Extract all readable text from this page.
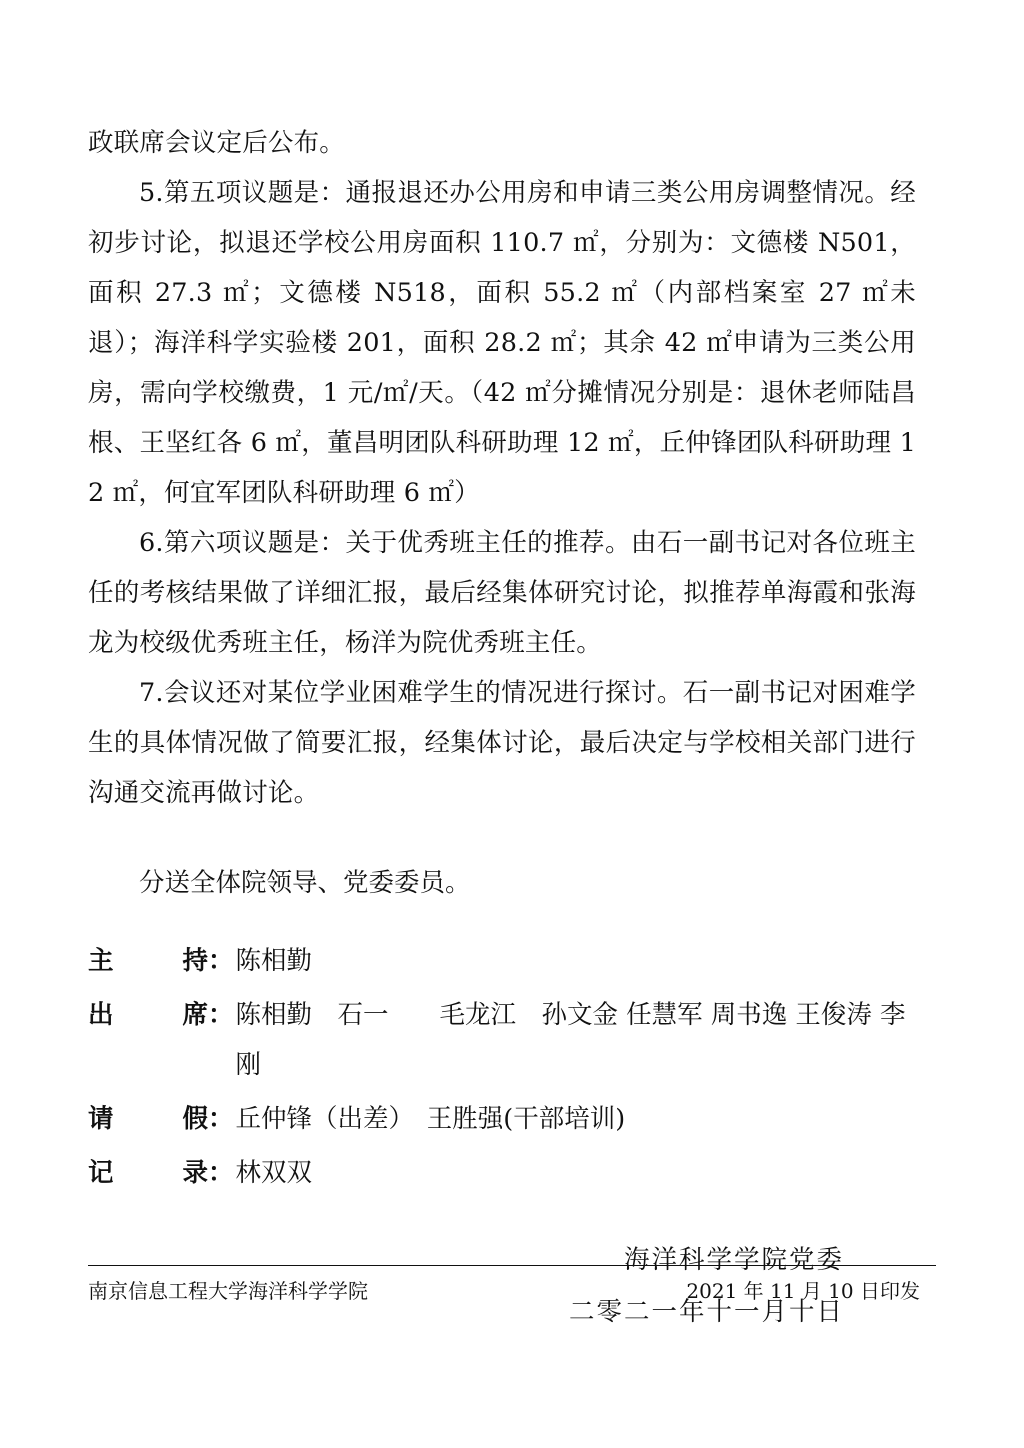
政联席会议定后公布。

5.第五项议题是：通报退还办公用房和申请三类公用房调整情况。经初步讨论，拟退还学校公用房面积 110.7 ㎡，分别为：文德楼 N501，面积 27.3 ㎡；文德楼 N518，面积 55.2 ㎡（内部档案室 27 ㎡未退）；海洋科学实验楼 201，面积 28.2 ㎡；其余 42 ㎡申请为三类公用房，需向学校缴费，1 元/㎡/天。（42 ㎡分摊情况分别是：退休老师陆昌根、王坚红各 6 ㎡，董昌明团队科研助理 12 ㎡，丘仲锋团队科研助理 12 ㎡，何宜军团队科研助理 6 ㎡）

6.第六项议题是：关于优秀班主任的推荐。由石一副书记对各位班主任的考核结果做了详细汇报，最后经集体研究讨论，拟推荐单海霞和张海龙为校级优秀班主任，杨洋为院优秀班主任。

7.会议还对某位学业困难学生的情况进行探讨。石一副书记对困难学生的具体情况做了简要汇报，经集体讨论，最后决定与学校相关部门进行沟通交流再做讨论。

分送全体院领导、党委委员。

主	持 ： 陈相勤
出	席 ： 陈相勤　石一　　毛龙江　孙文金 任慧军 周书逸 王俊涛 李刚
请	假 ： 丘仲锋（出差）　王胜强(干部培训)
记	录 ： 林双双
海洋科学学院党委
二零二一年十一月十日
南京信息工程大学海洋科学学院	2021 年 11 月 10 日印发
